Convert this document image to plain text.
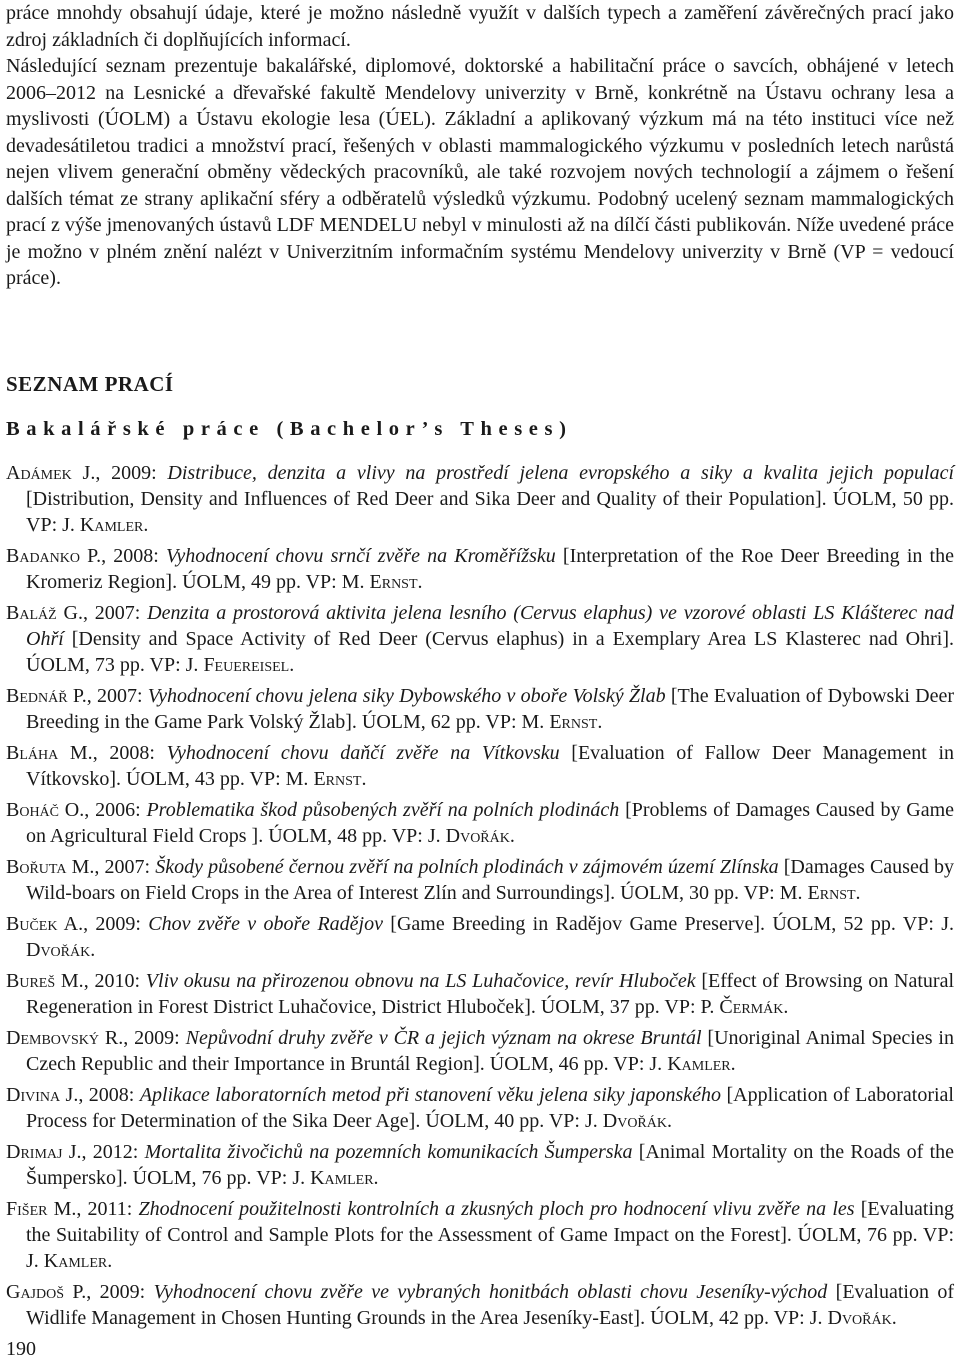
práce mnohdy obsahují údaje, které je možno následně využít v dalších typech a zaměření závěrečných prací jako zdroj základních či doplňujících informací.
Následující seznam prezentuje bakalářské, diplomové, doktorské a habilitační práce o savcích, obhájené v letech 2006–2012 na Lesnické a dřevařské fakultě Mendelovy univerzity v Brně, konkrétně na Ústavu ochrany lesa a myslivosti (ÚOLM) a Ústavu ekologie lesa (ÚEL). Základní a aplikovaný výzkum má na této instituci více než devadesátiletou tradici a množství prací, řešených v oblasti mammalogického výzkumu v posledních letech narůstá nejen vlivem generační obměny vědeckých pracovníků, ale také rozvojem nových technologií a zájmem o řešení dalších témat ze strany aplikační sféry a odběratelů výsledků výzkumu. Podobný ucelený seznam mammalogických prací z výše jmenovaných ústavů LDF MENDELU nebyl v minulosti až na dílčí části publikován. Níže uvedené práce je možno v plném znění nalézt v Univerzitním informačním systému Mendelovy univerzity v Brně (VP = vedoucí práce).

SEZNAM PRACÍ
Bakalářské práce (Bachelor’s Theses)

Adámek J., 2009: Distribuce, denzita a vlivy na prostředí jelena evropského a siky a kvalita jejich populací [Distribution, Density and Influences of Red Deer and Sika Deer and Quality of their Population]. ÚOLM, 50 pp. VP: J. Kamler.

Badanko P., 2008: Vyhodnocení chovu srnčí zvěře na Kroměřížsku [Interpretation of the Roe Deer Breeding in the Kromeriz Region]. ÚOLM, 49 pp. VP: M. Ernst.

Baláž G., 2007: Denzita a prostorová aktivita jelena lesního (Cervus elaphus) ve vzorové oblasti LS Klášterec nad Ohří [Density and Space Activity of Red Deer (Cervus elaphus) in a Exemplary Area LS Klasterec nad Ohri]. ÚOLM, 73 pp. VP: J. Feuereisel.

Bednář P., 2007: Vyhodnocení chovu jelena siky Dybowského v oboře Volský Žlab [The Evaluation of Dybowski Deer Breeding in the Game Park Volský Žlab]. ÚOLM, 62 pp. VP: M. Ernst.

Bláha M., 2008: Vyhodnocení chovu daňčí zvěře na Vítkovsku [Evaluation of Fallow Deer Management in Vítkovsko]. ÚOLM, 43 pp. VP: M. Ernst.

Boháč O., 2006: Problematika škod působených zvěří na polních plodinách [Problems of Damages Caused by Game on Agricultural Field Crops ]. ÚOLM, 48 pp. VP: J. Dvořák.

Bořuta M., 2007: Škody působené černou zvěří na polních plodinách v zájmovém území Zlínska [Damages Caused by Wild-boars on Field Crops in the Area of Interest Zlín and Surroundings]. ÚOLM, 30 pp. VP: M. Ernst.

Buček A., 2009: Chov zvěře v oboře Radějov [Game Breeding in Radějov Game Preserve]. ÚOLM, 52 pp. VP: J. Dvořák.

Bureš M., 2010: Vliv okusu na přirozenou obnovu na LS Luhačovice, revír Hluboček [Effect of Browsing on Natural Regeneration in Forest District Luhačovice, District Hluboček]. ÚOLM, 37 pp. VP: P. Čermák.

Dembovský R., 2009: Nepůvodní druhy zvěře v ČR a jejich význam na okrese Bruntál [Unoriginal Animal Species in Czech Republic and their Importance in Bruntál Region]. ÚOLM, 46 pp. VP: J. Kamler.

Divina J., 2008: Aplikace laboratorních metod při stanovení věku jelena siky japonského [Application of Laboratorial Process for Determination of the Sika Deer Age]. ÚOLM, 40 pp. VP: J. Dvořák.

Drimaj J., 2012: Mortalita živočichů na pozemních komunikacích Šumperska [Animal Mortality on the Roads of the Šumpersko]. ÚOLM, 76 pp. VP: J. Kamler.

Fišer M., 2011: Zhodnocení použitelnosti kontrolních a zkusných ploch pro hodnocení vlivu zvěře na les [Evaluating the Suitability of Control and Sample Plots for the Assessment of Game Impact on the Forest]. ÚOLM, 76 pp. VP: J. Kamler.

Gajdoš P., 2009: Vyhodnocení chovu zvěře ve vybraných honitbách oblasti chovu Jeseníky-východ [Evaluation of Widlife Management in Chosen Hunting Grounds in the Area Jeseníky-East]. ÚOLM, 42 pp. VP: J. Dvořák.

190
